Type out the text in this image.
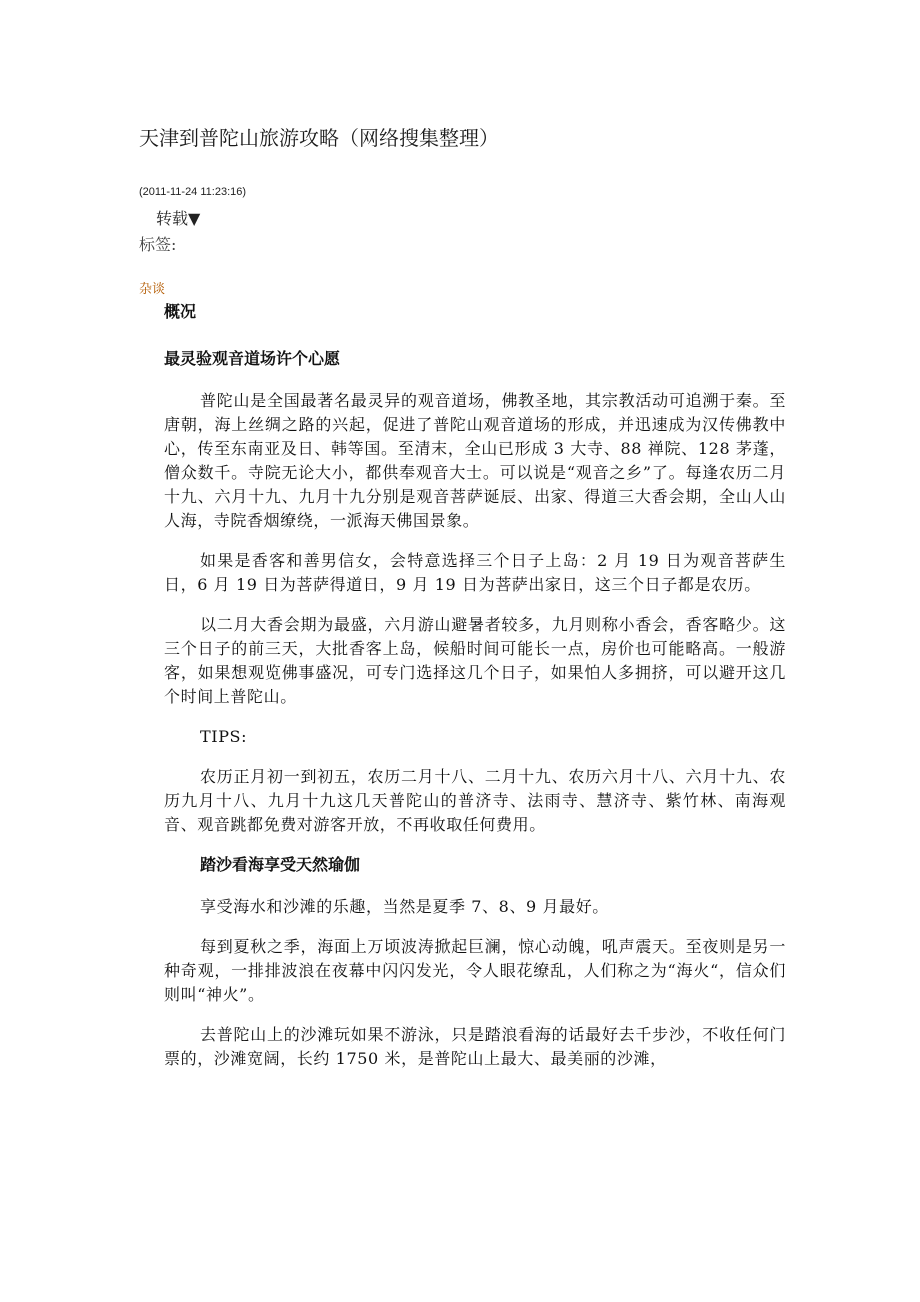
天津到普陀山旅游攻略（网络搜集整理）
(2011-11-24 11:23:16)
转载▼
标签:
杂谈
概况
最灵验观音道场许个心愿

普陀山是全国最著名最灵异的观音道场，佛教圣地，其宗教活动可追溯于秦。至唐朝，海上丝绸之路的兴起，促进了普陀山观音道场的形成，并迅速成为汉传佛教中心，传至东南亚及日、韩等国。至清末，全山已形成 3 大寺、88 禅院、128 茅蓬，僧众数千。寺院无论大小，都供奉观音大士。可以说是“观音之乡”了。每逢农历二月十九、六月十九、九月十九分别是观音菩萨诞辰、出家、得道三大香会期，全山人山人海，寺院香烟缭绕，一派海天佛国景象。

如果是香客和善男信女，会特意选择三个日子上岛：2 月 19 日为观音菩萨生日，6 月 19 日为菩萨得道日，9 月 19 日为菩萨出家日，这三个日子都是农历。

以二月大香会期为最盛，六月游山避暑者较多，九月则称小香会，香客略少。这三个日子的前三天，大批香客上岛，候船时间可能长一点，房价也可能略高。一般游客，如果想观览佛事盛况，可专门选择这几个日子，如果怕人多拥挤，可以避开这几个时间上普陀山。

TIPS:

农历正月初一到初五，农历二月十八、二月十九、农历六月十八、六月十九、农历九月十八、九月十九这几天普陀山的普济寺、法雨寺、慧济寺、紫竹林、南海观音、观音跳都免费对游客开放，不再收取任何费用。

踏沙看海享受天然瑜伽

享受海水和沙滩的乐趣，当然是夏季 7、8、9 月最好。

每到夏秋之季，海面上万顷波涛掀起巨澜，惊心动魄，吼声震天。至夜则是另一种奇观，一排排波浪在夜幕中闪闪发光，令人眼花缭乱，人们称之为“海火“，信众们则叫“神火”。

去普陀山上的沙滩玩如果不游泳，只是踏浪看海的话最好去千步沙，不收任何门票的，沙滩宽阔，长约 1750 米，是普陀山上最大、最美丽的沙滩，
